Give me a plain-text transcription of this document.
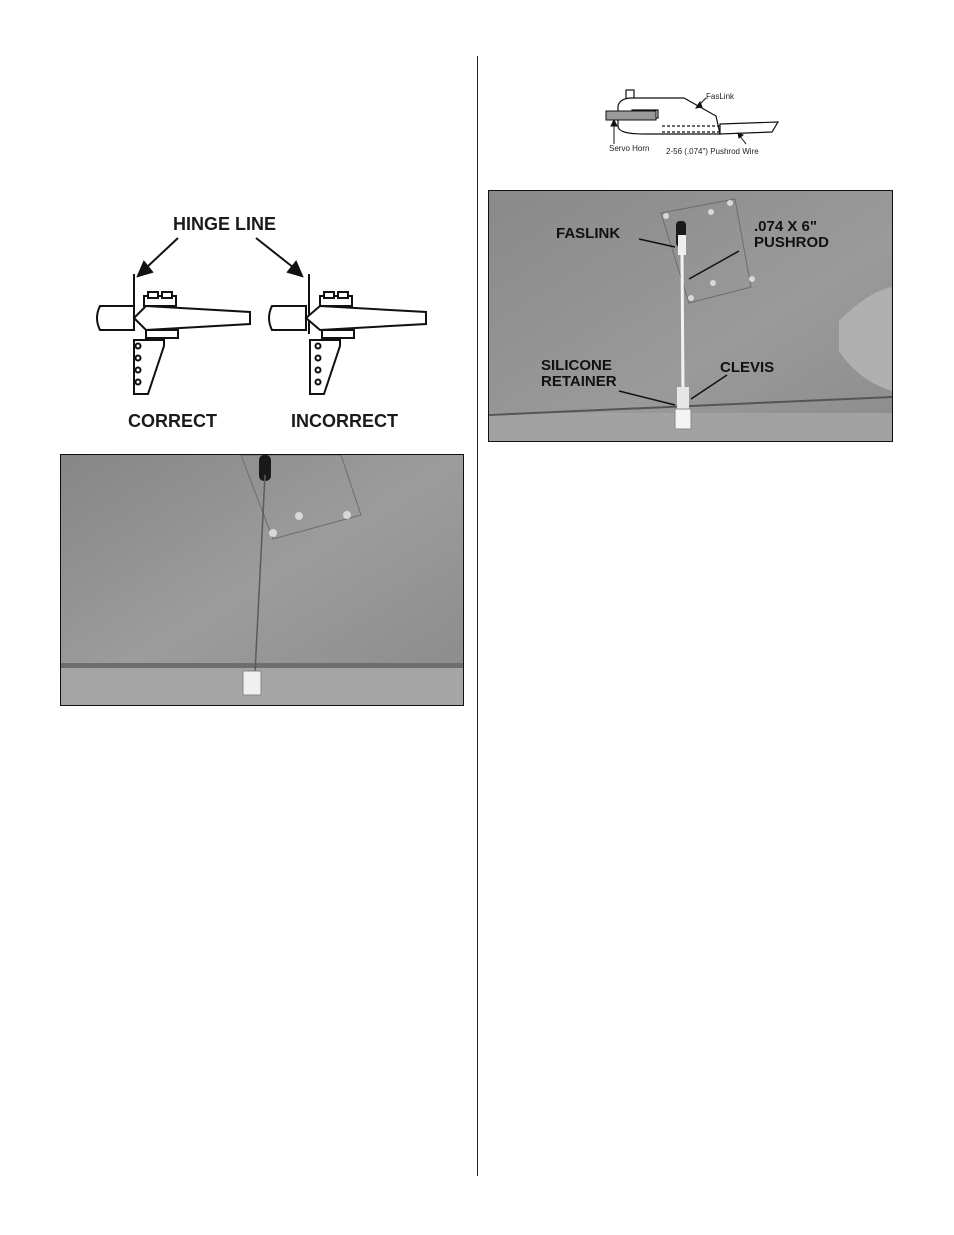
HINGE LINE
CORRECT	INCORRECT
FasLink
Servo Horn 2-56 (.074") Pushrod Wire
FASLINK	.074 X 6"
PUSHROD
SILICONE
RETAINER
CLEVIS
